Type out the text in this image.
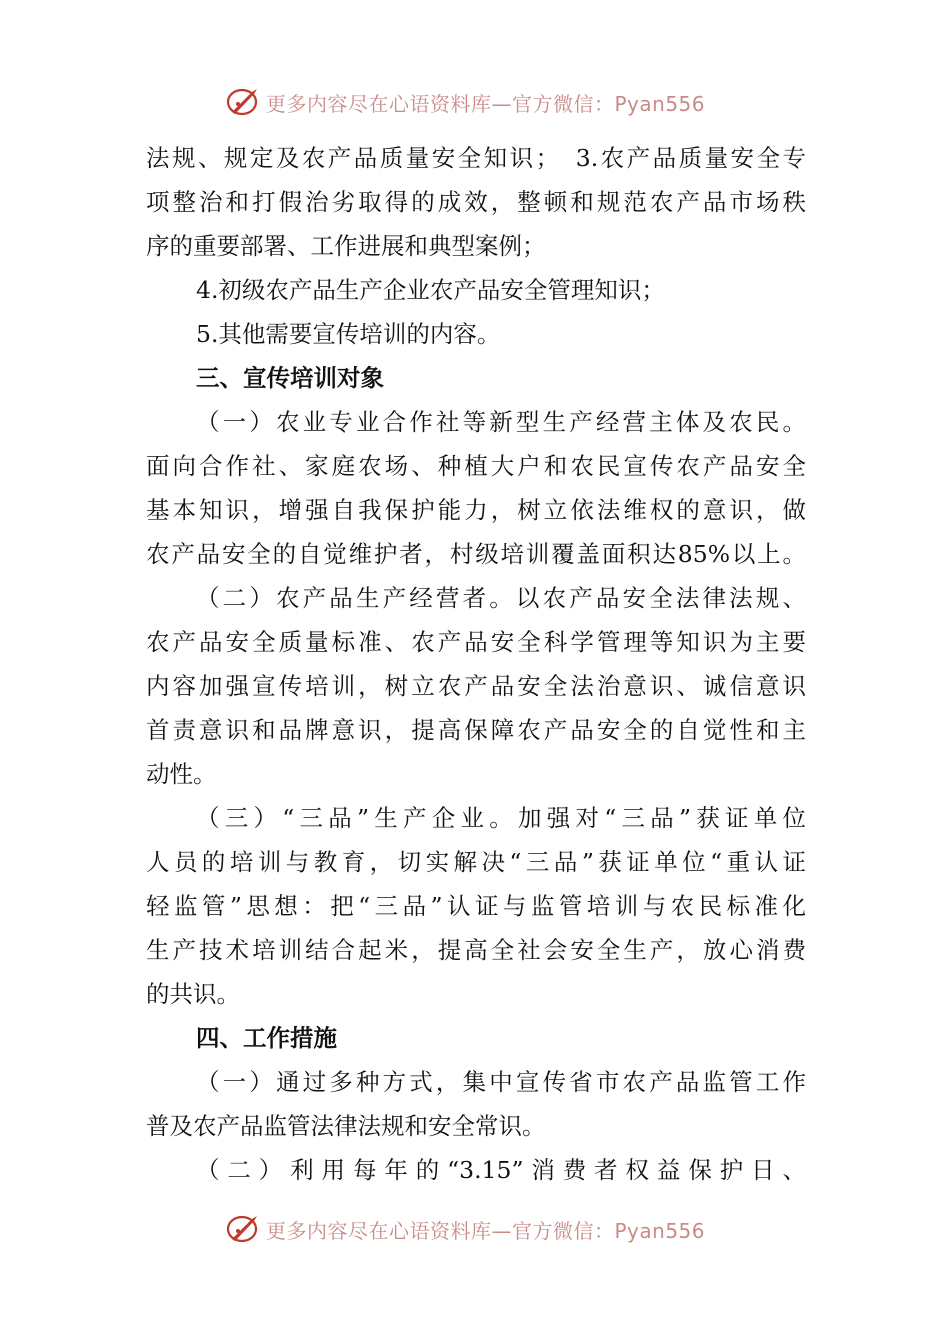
更多内容尽在心语资料库—官方微信：Pyan556
法规、规定及农产品质量安全知识；　3.农产品质量安全专
项整治和打假治劣取得的成效，整顿和规范农产品市场秩
序的重要部署、工作进展和典型案例；
4.初级农产品生产企业农产品安全管理知识；
5.其他需要宣传培训的内容。
三、宣传培训对象
（一）农业专业合作社等新型生产经营主体及农民。
面向合作社、家庭农场、种植大户和农民宣传农产品安全
基本知识，增强自我保护能力，树立依法维权的意识，做
农产品安全的自觉维护者，村级培训覆盖面积达85%以上。
（二）农产品生产经营者。以农产品安全法律法规、
农产品安全质量标准、农产品安全科学管理等知识为主要
内容加强宣传培训，树立农产品安全法治意识、诚信意识
首责意识和品牌意识，提高保障农产品安全的自觉性和主
动性。
（三）“三品”生产企业。加强对“三品”获证单位
人员的培训与教育，切实解决“三品”获证单位“重认证
轻监管”思想：把“三品”认证与监管培训与农民标准化
生产技术培训结合起米，提高全社会安全生产，放心消费
的共识。
四、工作措施
（一）通过多种方式，集中宣传省市农产品监管工作
普及农产品监管法律法规和安全常识。
（二）利用每年的“3.15”消费者权益保护日、
更多内容尽在心语资料库—官方微信：Pyan556
